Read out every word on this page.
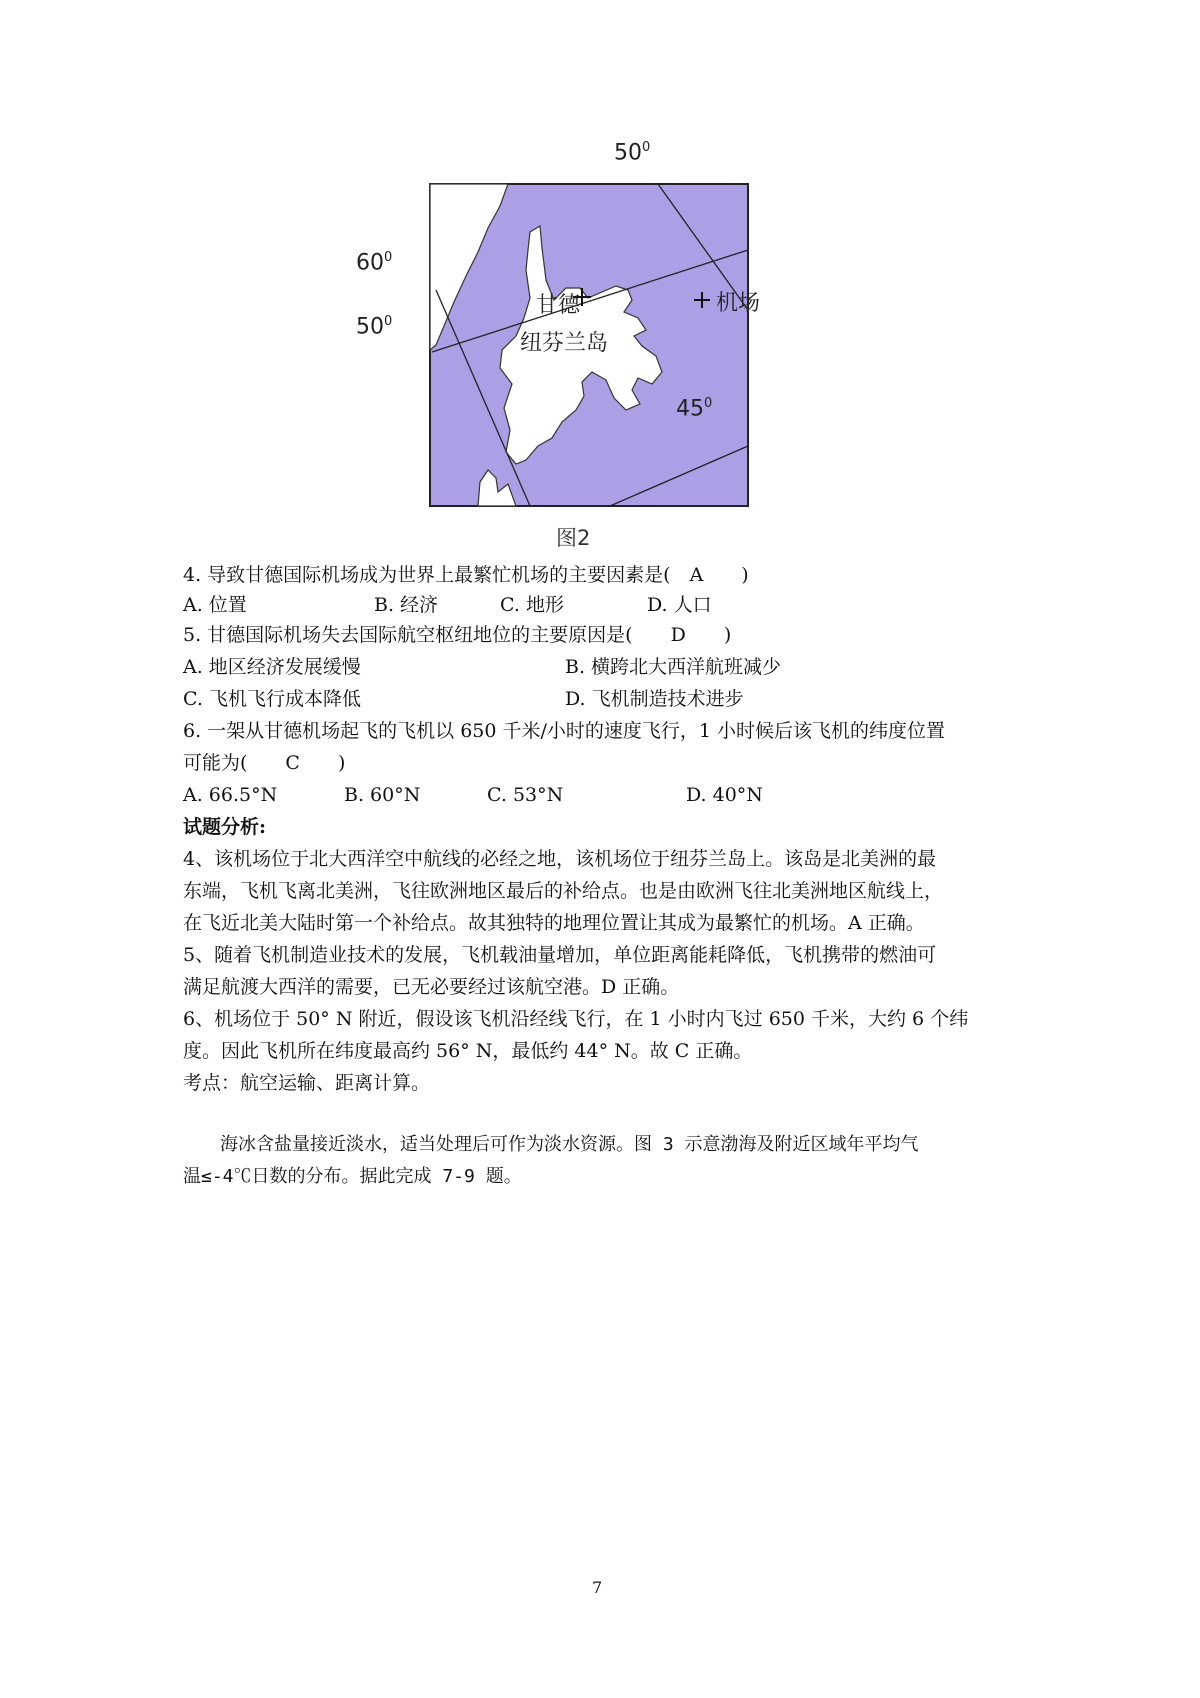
$50^0$
$60^0$
$50^0$
$45^0$
甘德
纽芬兰岛
机场
图2
4. 导致甘德国际机场成为世界上最繁忙机场的主要因素是(　A　　)
A. 位置	B. 经济	C. 地形	D. 人口
5. 甘德国际机场失去国际航空枢纽地位的主要原因是(　　D　　)
A. 地区经济发展缓慢	B. 横跨北大西洋航班减少
C. 飞机飞行成本降低	D. 飞机制造技术进步
6. 一架从甘德机场起飞的飞机以 650 千米/小时的速度飞行，1 小时候后该飞机的纬度位置
可能为(　　C　　)
A. 66.5°N	B. 60°N	C. 53°N	D. 40°N
试题分析:
4、该机场位于北大西洋空中航线的必经之地，该机场位于纽芬兰岛上。该岛是北美洲的最
东端，飞机飞离北美洲，飞往欧洲地区最后的补给点。也是由欧洲飞往北美洲地区航线上，
在飞近北美大陆时第一个补给点。故其独特的地理位置让其成为最繁忙的机场。A 正确。
5、随着飞机制造业技术的发展，飞机载油量增加，单位距离能耗降低，飞机携带的燃油可
满足航渡大西洋的需要，已无必要经过该航空港。D 正确。
6、机场位于 50° N 附近，假设该飞机沿经线飞行，在 1 小时内飞过 650 千米，大约 6 个纬
度。因此飞机所在纬度最高约 56° N，最低约 44° N。故 C 正确。
考点：航空运输、距离计算。
海冰含盐量接近淡水，适当处理后可作为淡水资源。图 3 示意渤海及附近区域年平均气
温≤-4℃日数的分布。据此完成 7-9 题。
7
